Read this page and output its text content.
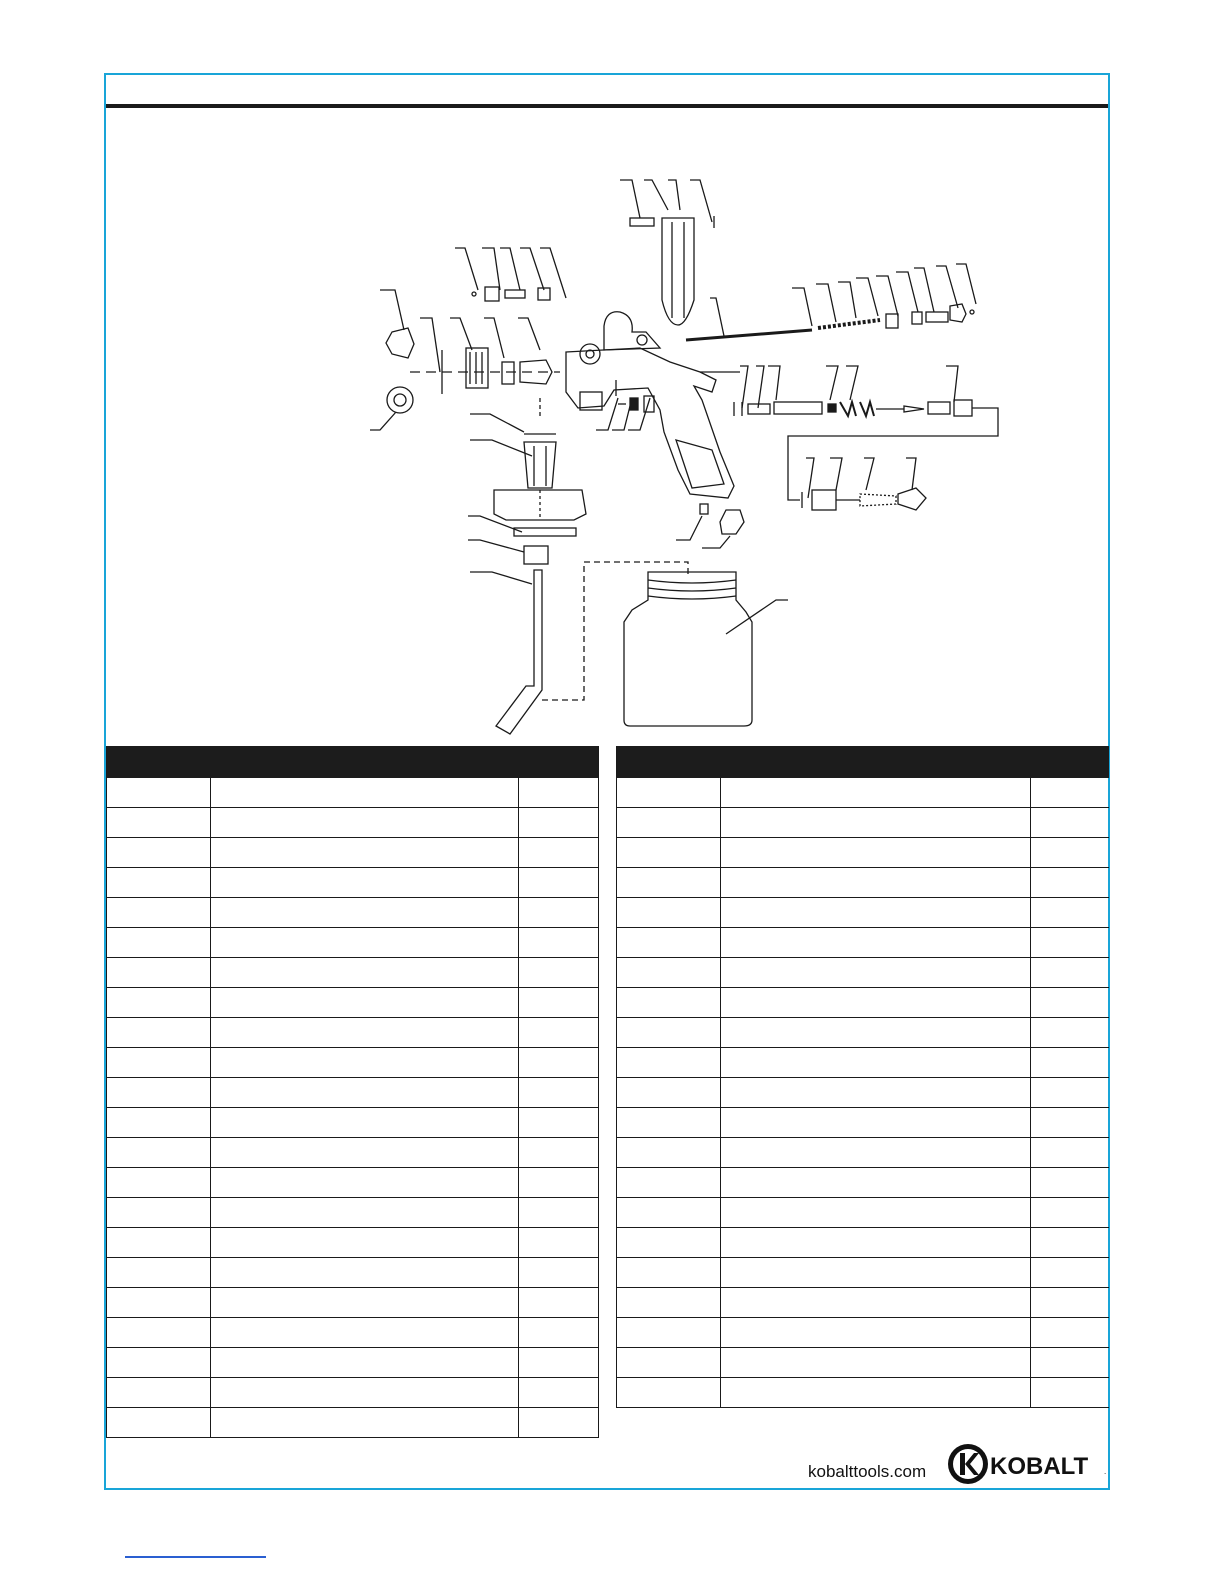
kobalttools.com	KOBALT .
